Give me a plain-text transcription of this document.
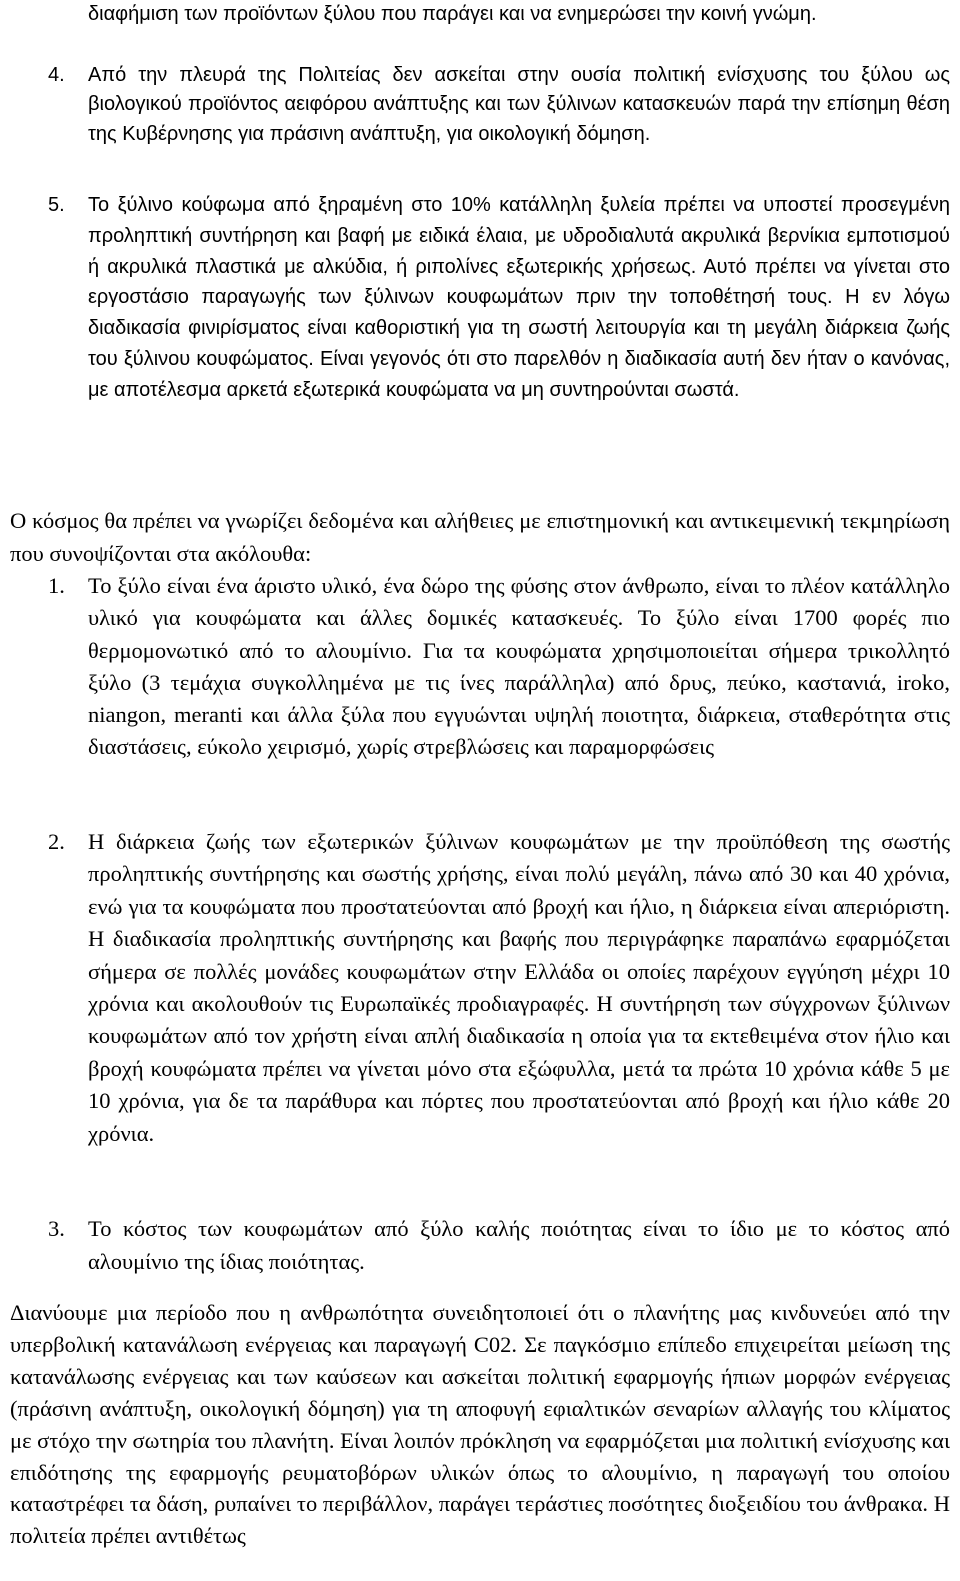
διαφήμιση των προϊόντων ξύλου που παράγει και να ενημερώσει την κοινή γνώμη.

4. Από την πλευρά της Πολιτείας δεν ασκείται στην ουσία πολιτική ενίσχυσης του ξύλου ως βιολογικού προϊόντος αειφόρου ανάπτυξης και των ξύλινων κατασκευών παρά την επίσημη θέση της Κυβέρνησης για πράσινη ανάπτυξη, για οικολογική δόμηση.
5. Το ξύλινο κούφωμα από ξηραμένη στο 10% κατάλληλη ξυλεία πρέπει να υποστεί προσεγμένη προληπτική συντήρηση και βαφή με ειδικά έλαια, με υδροδιαλυτά ακρυλικά βερνίκια εμποτισμού ή ακρυλικά πλαστικά με αλκύδια, ή ριπολίνες εξωτερικής χρήσεως. Αυτό πρέπει να γίνεται στο εργοστάσιο παραγωγής των ξύλινων κουφωμάτων πριν την τοποθέτησή τους. Η εν λόγω διαδικασία φινιρίσματος είναι καθοριστική για τη σωστή λειτουργία και τη μεγάλη διάρκεια ζωής του ξύλινου κουφώματος. Είναι γεγονός ότι στο παρελθόν η διαδικασία αυτή δεν ήταν ο κανόνας, με αποτέλεσμα αρκετά εξωτερικά κουφώματα να μη συντηρούνται σωστά.

Ο κόσμος θα πρέπει να γνωρίζει δεδομένα και αλήθειες με επιστημονική και αντικειμενική τεκμηρίωση που συνοψίζονται στα ακόλουθα:

1. Το ξύλο είναι ένα άριστο υλικό, ένα δώρο της φύσης στον άνθρωπο, είναι το πλέον κατάλληλο υλικό για κουφώματα και άλλες δομικές κατασκευές. Το ξύλο είναι 1700 φορές πιο θερμομονωτικό από το αλουμίνιο. Για τα κουφώματα χρησιμοποιείται σήμερα τρικολλητό ξύλο (3 τεμάχια συγκολλημένα με τις ίνες παράλληλα) από δρυς, πεύκο, καστανιά, iroko, niangon, meranti και άλλα ξύλα που εγγυώνται υψηλή ποιοτητα, διάρκεια, σταθερότητα στις διαστάσεις, εύκολο χειρισμό, χωρίς στρεβλώσεις και παραμορφώσεις
2. Η διάρκεια ζωής των εξωτερικών ξύλινων κουφωμάτων με την προϋπόθεση της σωστής προληπτικής συντήρησης και σωστής χρήσης, είναι πολύ μεγάλη, πάνω από 30 και 40 χρόνια, ενώ για τα κουφώματα που προστατεύονται από βροχή και ήλιο, η διάρκεια είναι απεριόριστη. Η διαδικασία προληπτικής συντήρησης και βαφής που περιγράφηκε παραπάνω εφαρμόζεται σήμερα σε πολλές μονάδες κουφωμάτων στην Ελλάδα οι οποίες παρέχουν εγγύηση μέχρι 10 χρόνια και ακολουθούν τις Ευρωπαϊκές προδιαγραφές. Η συντήρηση των σύγχρονων ξύλινων κουφωμάτων από τον χρήστη είναι απλή διαδικασία η οποία για τα εκτεθειμένα στον ήλιο και βροχή κουφώματα πρέπει να γίνεται μόνο στα εξώφυλλα, μετά τα πρώτα 10 χρόνια κάθε 5 με 10 χρόνια, για δε τα παράθυρα και πόρτες που προστατεύονται από βροχή και ήλιο κάθε 20 χρόνια.
3. Το κόστος των κουφωμάτων από ξύλο καλής ποιότητας είναι το ίδιο με το κόστος από αλουμίνιο της ίδιας ποιότητας.

Διανύουμε μια περίοδο που η ανθρωπότητα συνειδητοποιεί ότι ο πλανήτης μας κινδυνεύει από την υπερβολική κατανάλωση ενέργειας και παραγωγή C02. Σε παγκόσμιο επίπεδο επιχειρείται μείωση της κατανάλωσης ενέργειας και των καύσεων και ασκείται πολιτική εφαρμογής ήπιων μορφών ενέργειας (πράσινη ανάπτυξη, οικολογική δόμηση) για τη αποφυγή εφιαλτικών σεναρίων αλλαγής του κλίματος με στόχο την σωτηρία του πλανήτη. Είναι λοιπόν πρόκληση να εφαρμόζεται μια πολιτική ενίσχυσης και επιδότησης της εφαρμογής ρευματοβόρων υλικών όπως το αλουμίνιο, η παραγωγή του οποίου καταστρέφει τα δάση, ρυπαίνει το περιβάλλον, παράγει τεράστιες ποσότητες διοξειδίου του άνθρακα. Η πολιτεία πρέπει αντιθέτως
